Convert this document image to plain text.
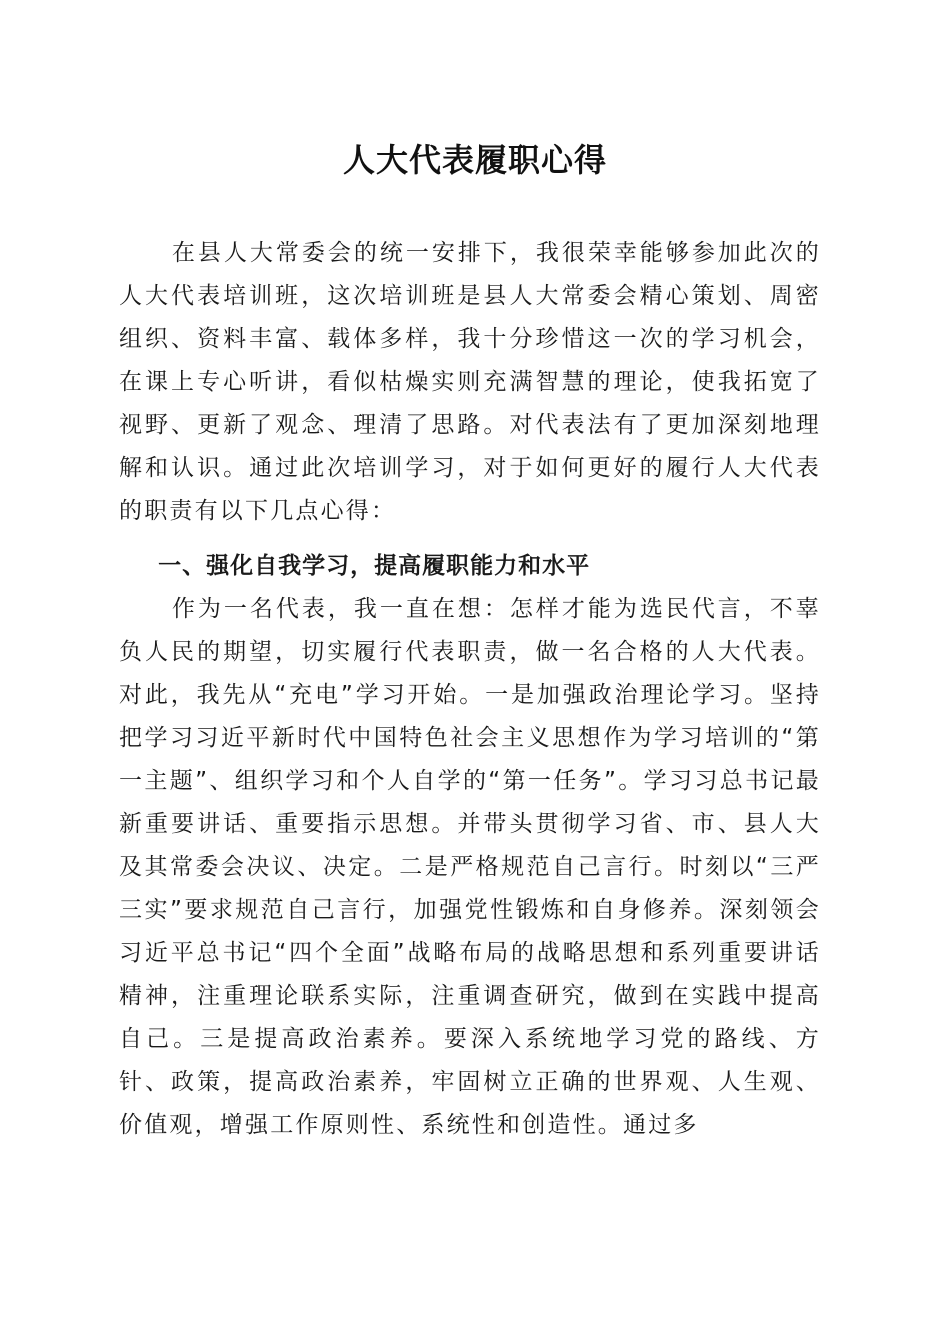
人大代表履职心得

在县人大常委会的统一安排下，我很荣幸能够参加此次的人大代表培训班，这次培训班是县人大常委会精心策划、周密组织、资料丰富、载体多样，我十分珍惜这一次的学习机会，在课上专心听讲，看似枯燥实则充满智慧的理论，使我拓宽了视野、更新了观念、理清了思路。对代表法有了更加深刻地理解和认识。通过此次培训学习，对于如何更好的履行人大代表的职责有以下几点心得：

一、强化自我学习，提高履职能力和水平

作为一名代表，我一直在想：怎样才能为选民代言，不辜负人民的期望，切实履行代表职责，做一名合格的人大代表。对此，我先从“充电”学习开始。一是加强政治理论学习。坚持把学习习近平新时代中国特色社会主义思想作为学习培训的“第一主题”、组织学习和个人自学的“第一任务”。学习习总书记最新重要讲话、重要指示思想。并带头贯彻学习省、市、县人大及其常委会决议、决定。二是严格规范自己言行。时刻以“三严三实”要求规范自己言行，加强党性锻炼和自身修养。深刻领会习近平总书记“四个全面”战略布局的战略思想和系列重要讲话精神，注重理论联系实际，注重调查研究，做到在实践中提高自己。三是提高政治素养。要深入系统地学习党的路线、方针、政策，提高政治素养，牢固树立正确的世界观、人生观、价值观，增强工作原则性、系统性和创造性。通过多
